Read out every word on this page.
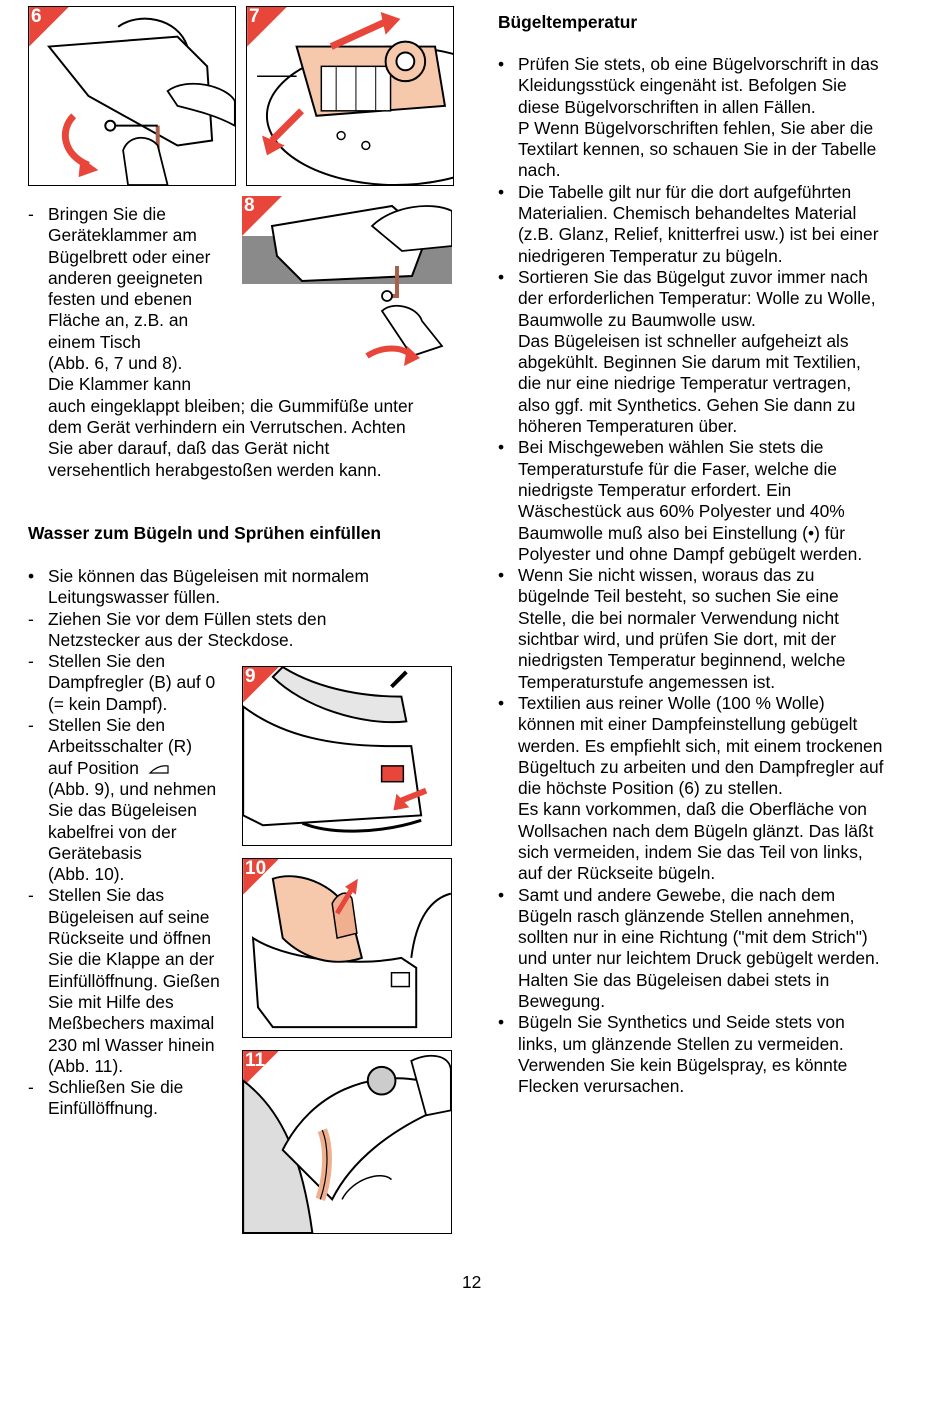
6	7
8
9
10
11
- Bringen Sie die
Geräteklammer am
Bügelbrett oder einer
anderen geeigneten
festen und ebenen
Fläche an, z.B. an
einem Tisch
(Abb. 6, 7 und 8).
Die Klammer kann
auch eingeklappt bleiben; die Gummifüße unter
dem Gerät verhindern ein Verrutschen. Achten
Sie aber darauf, daß das Gerät nicht
versehentlich herabgestoßen werden kann.
Wasser zum Bügeln und Sprühen einfüllen
• Sie können das Bügeleisen mit normalem
Leitungswasser füllen.
- Ziehen Sie vor dem Füllen stets den
Netzstecker aus der Steckdose.
- Stellen Sie den
Dampfregler (B) auf 0
(= kein Dampf).
- Stellen Sie den
Arbeitsschalter (R)
auf Position
(Abb. 9), und nehmen
Sie das Bügeleisen
kabelfrei von der
Gerätebasis
(Abb. 10).
- Stellen Sie das
Bügeleisen auf seine
Rückseite und öffnen
Sie die Klappe an der
Einfüllöffnung. Gießen
Sie mit Hilfe des
Meßbechers maximal
230 ml Wasser hinein
(Abb. 11).
- Schließen Sie die
Einfüllöffnung.
Bügeltemperatur
• Prüfen Sie stets, ob eine Bügelvorschrift in das
Kleidungsstück eingenäht ist. Befolgen Sie
diese Bügelvorschriften in allen Fällen.
P Wenn Bügelvorschriften fehlen, Sie aber die
Textilart kennen, so schauen Sie in der Tabelle
nach.
• Die Tabelle gilt nur für die dort aufgeführten
Materialien. Chemisch behandeltes Material
(z.B. Glanz, Relief, knitterfrei usw.) ist bei einer
niedrigeren Temperatur zu bügeln.
• Sortieren Sie das Bügelgut zuvor immer nach
der erforderlichen Temperatur: Wolle zu Wolle,
Baumwolle zu Baumwolle usw.
Das Bügeleisen ist schneller aufgeheizt als
abgekühlt. Beginnen Sie darum mit Textilien,
die nur eine niedrige Temperatur vertragen,
also ggf. mit Synthetics. Gehen Sie dann zu
höheren Temperaturen über.
• Bei Mischgeweben wählen Sie stets die
Temperaturstufe für die Faser, welche die
niedrigste Temperatur erfordert. Ein
Wäschestück aus 60% Polyester und 40%
Baumwolle muß also bei Einstellung (•) für
Polyester und ohne Dampf gebügelt werden.
• Wenn Sie nicht wissen, woraus das zu
bügelnde Teil besteht, so suchen Sie eine
Stelle, die bei normaler Verwendung nicht
sichtbar wird, und prüfen Sie dort, mit der
niedrigsten Temperatur beginnend, welche
Temperaturstufe angemessen ist.
• Textilien aus reiner Wolle (100 % Wolle)
können mit einer Dampfeinstellung gebügelt
werden. Es empfiehlt sich, mit einem trockenen
Bügeltuch zu arbeiten und den Dampfregler auf
die höchste Position (6) zu stellen.
Es kann vorkommen, daß die Oberfläche von
Wollsachen nach dem Bügeln glänzt. Das läßt
sich vermeiden, indem Sie das Teil von links,
auf der Rückseite bügeln.
• Samt und andere Gewebe, die nach dem
Bügeln rasch glänzende Stellen annehmen,
sollten nur in eine Richtung ("mit dem Strich")
und unter nur leichtem Druck gebügelt werden.
Halten Sie das Bügeleisen dabei stets in
Bewegung.
• Bügeln Sie Synthetics und Seide stets von
links, um glänzende Stellen zu vermeiden.
Verwenden Sie kein Bügelspray, es könnte
Flecken verursachen.
12
